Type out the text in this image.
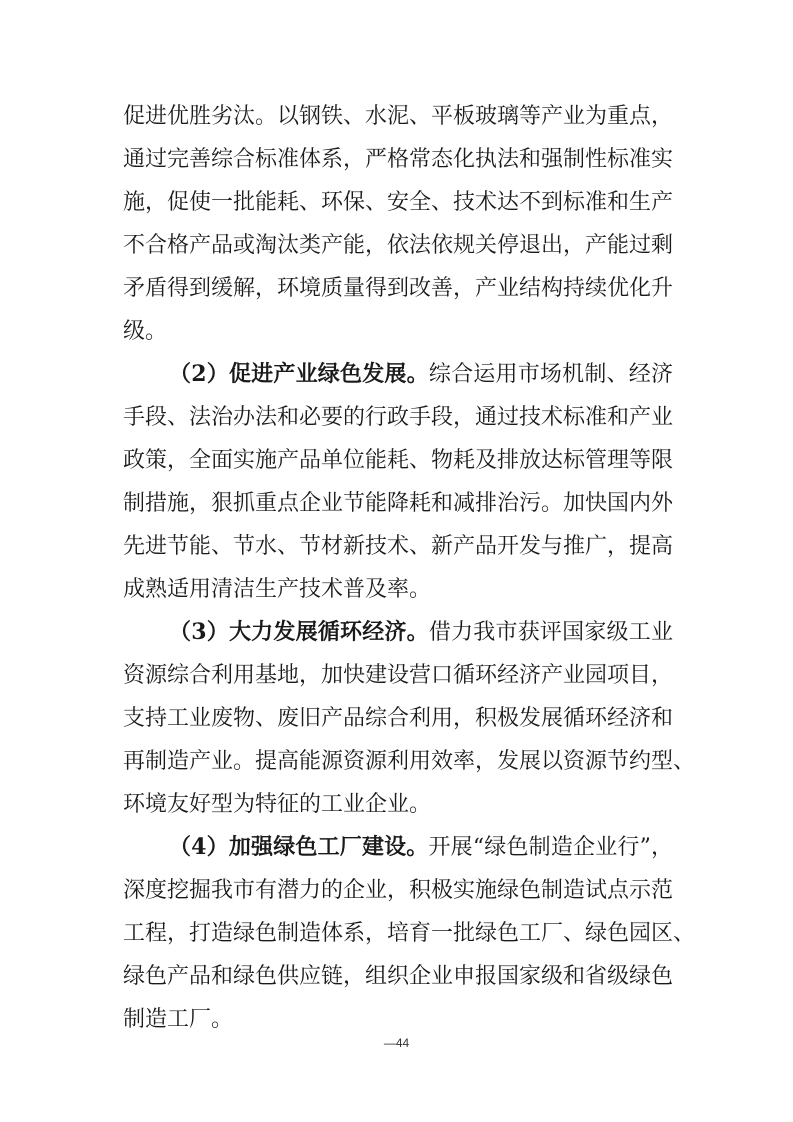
促进优胜劣汰。以钢铁、水泥、平板玻璃等产业为重点，
通过完善综合标准体系，严格常态化执法和强制性标准实
施，促使一批能耗、环保、安全、技术达不到标准和生产
不合格产品或淘汰类产能，依法依规关停退出，产能过剩
矛盾得到缓解，环境质量得到改善，产业结构持续优化升
级。
（2）促进产业绿色发展。综合运用市场机制、经济
手段、法治办法和必要的行政手段，通过技术标准和产业
政策，全面实施产品单位能耗、物耗及排放达标管理等限
制措施，狠抓重点企业节能降耗和减排治污。加快国内外
先进节能、节水、节材新技术、新产品开发与推广，提高
成熟适用清洁生产技术普及率。
（3）大力发展循环经济。借力我市获评国家级工业
资源综合利用基地，加快建设营口循环经济产业园项目，
支持工业废物、废旧产品综合利用，积极发展循环经济和
再制造产业。提高能源资源利用效率，发展以资源节约型、
环境友好型为特征的工业企业。
（4）加强绿色工厂建设。开展“绿色制造企业行”，
深度挖掘我市有潜力的企业，积极实施绿色制造试点示范
工程，打造绿色制造体系，培育一批绿色工厂、绿色园区、
绿色产品和绿色供应链，组织企业申报国家级和省级绿色
制造工厂。
—44
